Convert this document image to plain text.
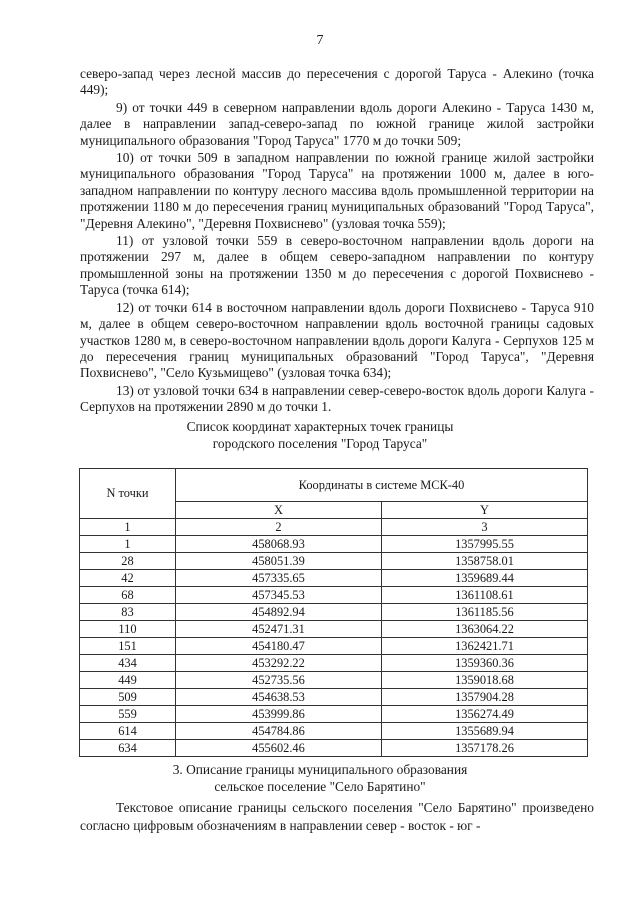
7

северо-запад через лесной массив до пересечения с дорогой Таруса - Алекино (точка 449);

9) от точки 449 в северном направлении вдоль дороги Алекино - Таруса 1430 м, далее в направлении запад-северо-запад по южной границе жилой застройки муниципального образования "Город Таруса" 1770 м до точки 509;

10) от точки 509 в западном направлении по южной границе жилой застройки муниципального образования "Город Таруса" на протяжении 1000 м, далее в юго-западном направлении по контуру лесного массива вдоль промышленной территории на протяжении 1180 м до пересечения границ муниципальных образований "Город Таруса", "Деревня Алекино", "Деревня Похвиснево" (узловая точка 559);

11) от узловой точки 559 в северо-восточном направлении вдоль дороги на протяжении 297 м, далее в общем северо-западном направлении по контуру промышленной зоны на протяжении 1350 м до пересечения с дорогой Похвиснево - Таруса (точка 614);

12) от точки 614 в восточном направлении вдоль дороги Похвиснево - Таруса 910 м, далее в общем северо-восточном направлении вдоль восточной границы садовых участков 1280 м, в северо-восточном направлении вдоль дороги Калуга - Серпухов 125 м до пересечения границ муниципальных образований "Город Таруса", "Деревня Похвиснево", "Село Кузьмищево" (узловая точка 634);

13) от узловой точки 634 в направлении север-северо-восток вдоль дороги Калуга - Серпухов на протяжении 2890 м до точки 1.

Список координат характерных точек границы
городского поселения "Город Таруса"
N точки	Координаты в системе МСК-40	
	X	Y
1	2	3
1	458068.93	1357995.55
28	458051.39	1358758.01
42	457335.65	1359689.44
68	457345.53	1361108.61
83	454892.94	1361185.56
110	452471.31	1363064.22
151	454180.47	1362421.71
434	453292.22	1359360.36
449	452735.56	1359018.68
509	454638.53	1357904.28
559	453999.86	1356274.49
614	454784.86	1355689.94
634	455602.46	1357178.26
3. Описание границы муниципального образования
сельское поселение "Село Барятино"

Текстовое описание границы сельского поселения "Село Барятино" произведено согласно цифровым обозначениям в направлении север - восток - юг -
